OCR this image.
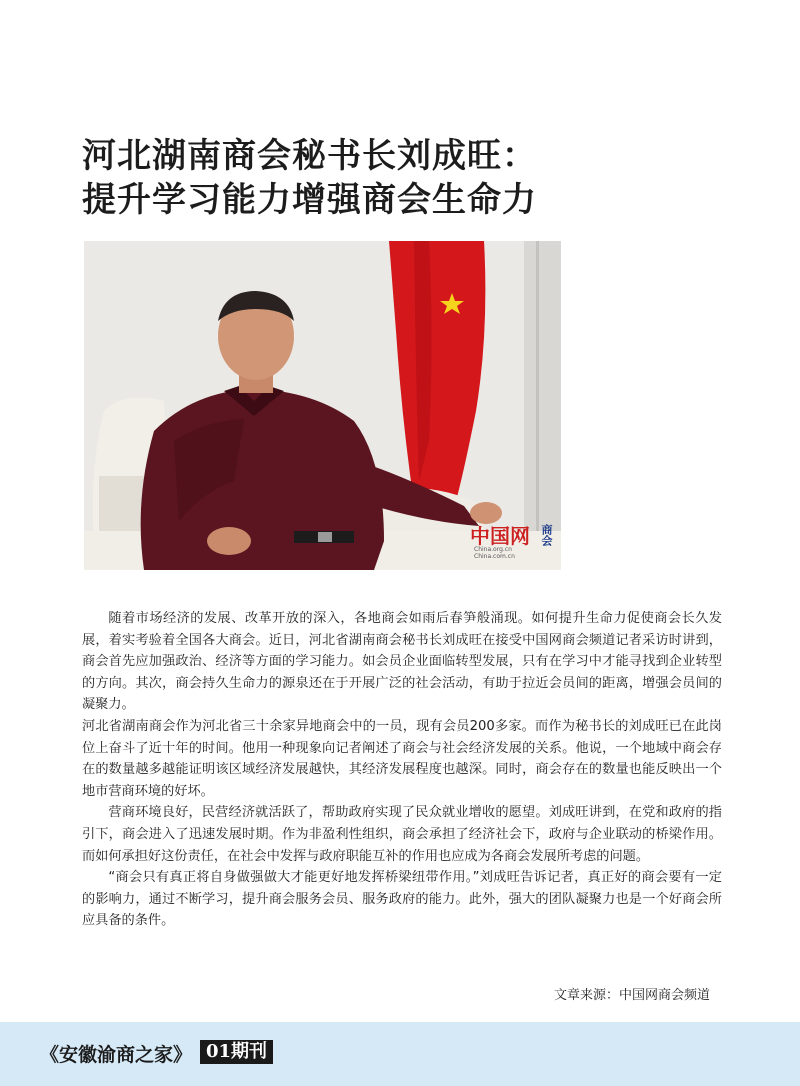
河北湖南商会秘书长刘成旺：
提升学习能力增强商会生命力
中国网
China.org.cn
China.com.cn
商会

随着市场经济的发展、改革开放的深入，各地商会如雨后春笋般涌现。如何提升生命力促使商会长久发展，着实考验着全国各大商会。近日，河北省湖南商会秘书长刘成旺在接受中国网商会频道记者采访时讲到，商会首先应加强政治、经济等方面的学习能力。如会员企业面临转型发展，只有在学习中才能寻找到企业转型的方向。其次，商会持久生命力的源泉还在于开展广泛的社会活动，有助于拉近会员间的距离，增强会员间的凝聚力。

河北省湖南商会作为河北省三十余家异地商会中的一员，现有会员200多家。而作为秘书长的刘成旺已在此岗位上奋斗了近十年的时间。他用一种现象向记者阐述了商会与社会经济发展的关系。他说，一个地域中商会存在的数量越多越能证明该区域经济发展越快，其经济发展程度也越深。同时，商会存在的数量也能反映出一个地市营商环境的好坏。

营商环境良好，民营经济就活跃了，帮助政府实现了民众就业增收的愿望。刘成旺讲到，在党和政府的指引下，商会进入了迅速发展时期。作为非盈利性组织，商会承担了经济社会下，政府与企业联动的桥梁作用。而如何承担好这份责任，在社会中发挥与政府职能互补的作用也应成为各商会发展所考虑的问题。

“商会只有真正将自身做强做大才能更好地发挥桥梁纽带作用。”刘成旺告诉记者，真正好的商会要有一定的影响力，通过不断学习，提升商会服务会员、服务政府的能力。此外，强大的团队凝聚力也是一个好商会所应具备的条件。

文章来源：中国网商会频道
《安徽渝商之家》 01期刊
